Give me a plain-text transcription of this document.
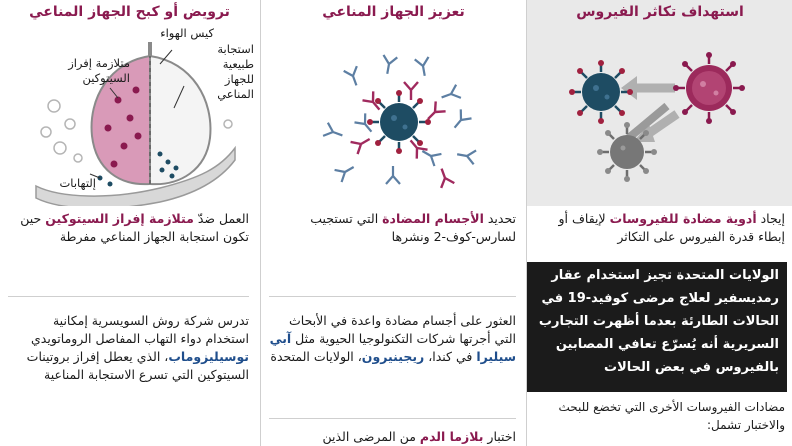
استهداف تكاثر الفيروس
إيجاد أدوية مضادة للفيروسات لإيقاف أو إبطاء قدرة الفيروس على التكاثر
الولايات المتحدة تجيز استخدام عقار رمديسفير لعلاج مرضى كوفيد-19 في الحالات الطارئة بعدما أظهرت التجارب السريرية أنه يُسرّع تعافي المصابين بالفيروس في بعض الحالات
مضادات الفيروسات الأخرى التي تخضع للبحث والاختبار تشمل:
تعزيز الجهاز المناعي
تحديد الأجسام المضادة التي تستجيب لسارس-كوف-2 ونشرها
العثور على أجسام مضادة واعدة في الأبحاث التي أجرتها شركات التكنولوجيا الحيوية مثل آبي سيليرا في كندا، ريجينيرون، الولايات المتحدة
اختبار بلازما الدم من المرضى الذين
ترويض أو كبح الجهاز المناعي
كيس الهواء
استجابة طبيعية للجهاز المناعي
متلازمة إفراز السيتوكين
إلتهابات
العمل ضدّ متلازمة إفراز السيتوكين حين تكون استجابة الجهاز المناعي مفرطة
تدرس شركة روش السويسرية إمكانية استخدام دواء التهاب المفاصل الروماتويدي توسيليزوماب، الذي يعطل إفراز بروتينات السيتوكين التي تسرع الاستجابة المناعية
